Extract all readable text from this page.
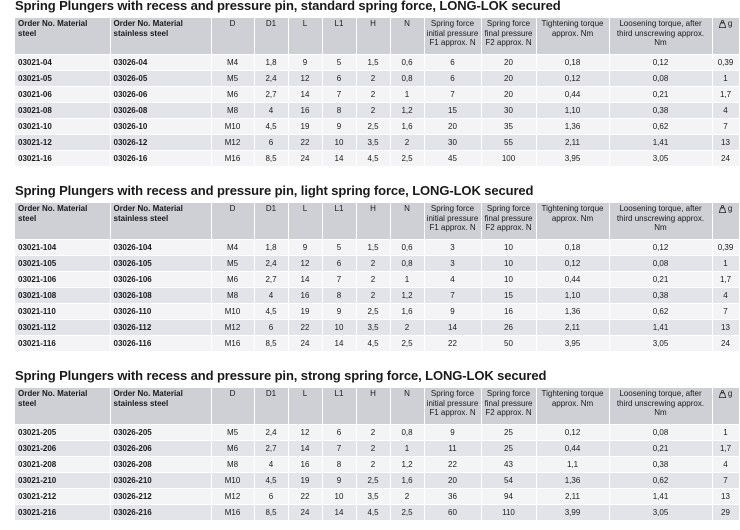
Spring Plungers with recess and pressure pin, standard spring force, LONG-LOK secured
Order No. Material steel	Order No. Material stainless steel	D	D1	L	L1	H	N	Spring force initial pressure F1 approx. N	Spring force final pressure F2 approx. N	Tightening torque approx. Nm	Loosening torque, after third unscrewing approx. Nm	g
03021-04	03026-04	M4	1,8	9	5	1,5	0,6	6	20	0,18	0,12	0,39
03021-05	03026-05	M5	2,4	12	6	2	0,8	6	20	0,12	0,08	1
03021-06	03026-06	M6	2,7	14	7	2	1	7	20	0,44	0,21	1,7
03021-08	03026-08	M8	4	16	8	2	1,2	15	30	1,10	0,38	4
03021-10	03026-10	M10	4,5	19	9	2,5	1,6	20	35	1,36	0,62	7
03021-12	03026-12	M12	6	22	10	3,5	2	30	55	2,11	1,41	13
03021-16	03026-16	M16	8,5	24	14	4,5	2,5	45	100	3,95	3,05	24
Spring Plungers with recess and pressure pin, light spring force, LONG-LOK secured
Order No. Material steel	Order No. Material stainless steel	D	D1	L	L1	H	N	Spring force initial pressure F1 approx. N	Spring force final pressure F2 approx. N	Tightening torque approx. Nm	Loosening torque, after third unscrewing approx. Nm	g
03021-104	03026-104	M4	1,8	9	5	1,5	0,6	3	10	0,18	0,12	0,39
03021-105	03026-105	M5	2,4	12	6	2	0,8	3	10	0,12	0,08	1
03021-106	03026-106	M6	2,7	14	7	2	1	4	10	0,44	0,21	1,7
03021-108	03026-108	M8	4	16	8	2	1,2	7	15	1,10	0,38	4
03021-110	03026-110	M10	4,5	19	9	2,5	1,6	9	16	1,36	0,62	7
03021-112	03026-112	M12	6	22	10	3,5	2	14	26	2,11	1,41	13
03021-116	03026-116	M16	8,5	24	14	4,5	2,5	22	50	3,95	3,05	24
Spring Plungers with recess and pressure pin, strong spring force, LONG-LOK secured
Order No. Material steel	Order No. Material stainless steel	D	D1	L	L1	H	N	Spring force initial pressure F1 approx. N	Spring force final pressure F2 approx. N	Tightening torque approx. Nm	Loosening torque, after third unscrewing approx. Nm	g
03021-205	03026-205	M5	2,4	12	6	2	0,8	9	25	0,12	0,08	1
03021-206	03026-206	M6	2,7	14	7	2	1	11	25	0,44	0,21	1,7
03021-208	03026-208	M8	4	16	8	2	1,2	22	43	1,1	0,38	4
03021-210	03026-210	M10	4,5	19	9	2,5	1,6	20	54	1,36	0,62	7
03021-212	03026-212	M12	6	22	10	3,5	2	36	94	2,11	1,41	13
03021-216	03026-216	M16	8,5	24	14	4,5	2,5	60	110	3,99	3,05	29
